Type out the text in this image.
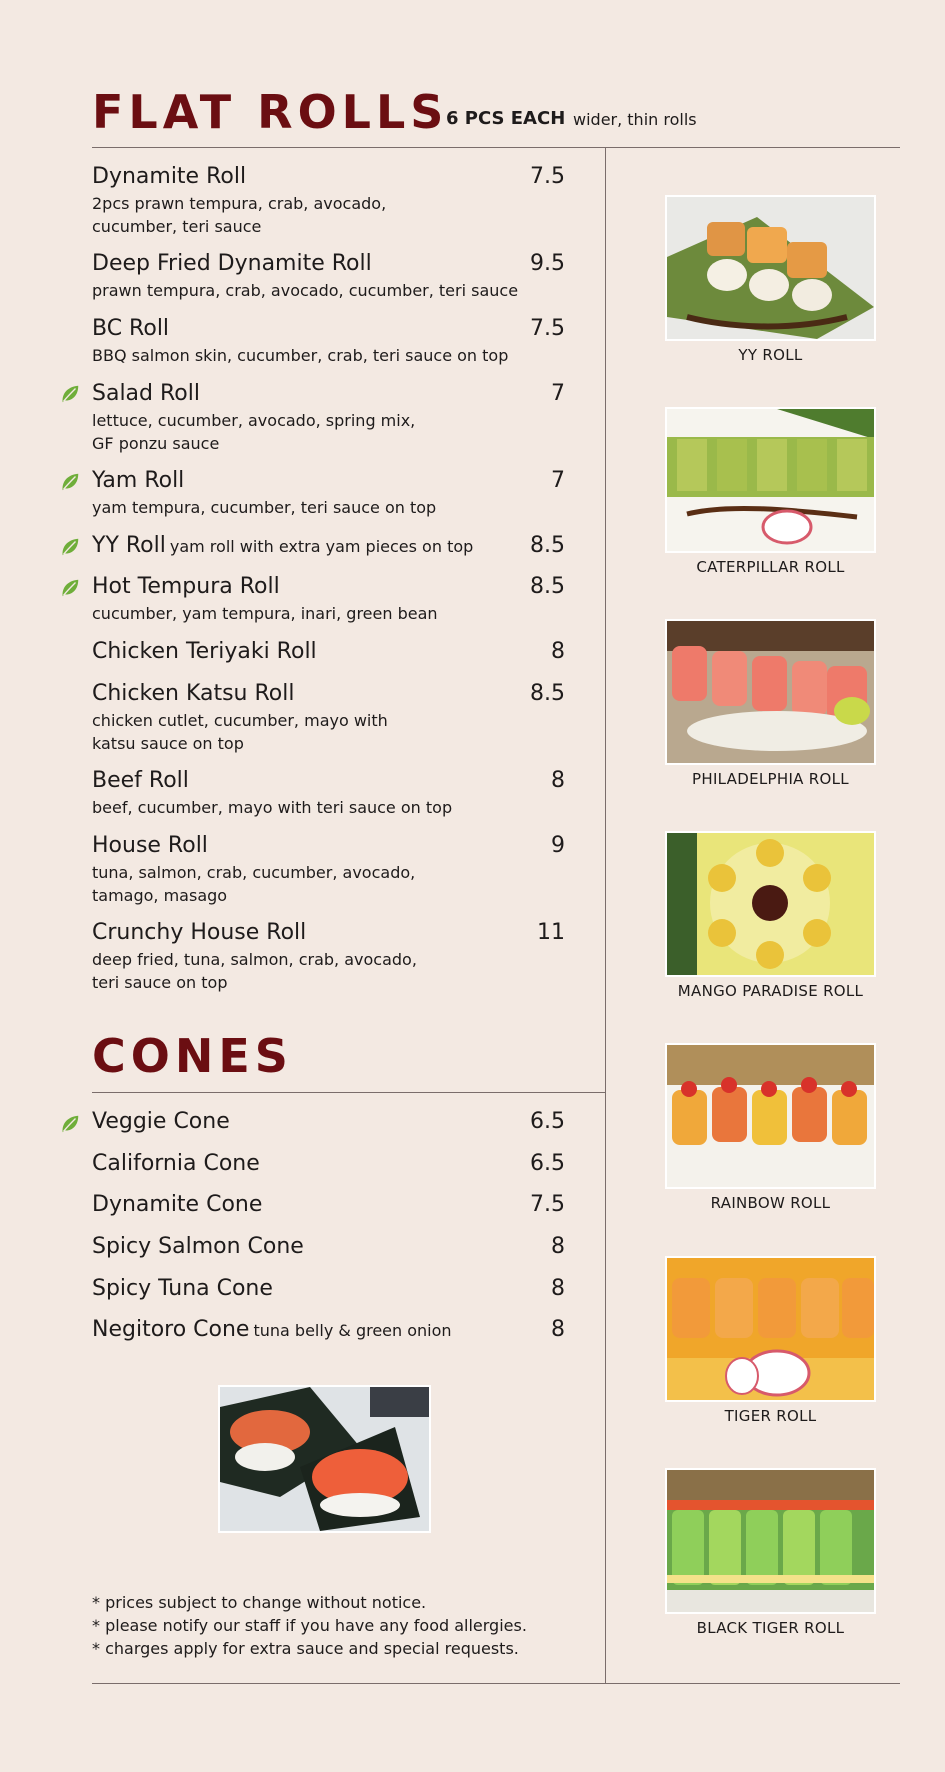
FLAT ROLLS
6 PCS EACH wider, thin rolls
Dynamite Roll	7.5
2pcs prawn tempura, crab, avocado,
cucumber, teri sauce
Deep Fried Dynamite Roll	9.5
prawn tempura, crab, avocado, cucumber, teri sauce
BC Roll	7.5
BBQ salmon skin, cucumber, crab, teri sauce on top
Salad Roll	7
lettuce, cucumber, avocado, spring mix,
GF ponzu sauce
Yam Roll	7
yam tempura, cucumber, teri sauce on top
YY Roll yam roll with extra yam pieces on top	8.5
Hot Tempura Roll	8.5
cucumber, yam tempura, inari, green bean
Chicken Teriyaki Roll	8
Chicken Katsu Roll	8.5
chicken cutlet, cucumber, mayo with
katsu sauce on top
Beef Roll	8
beef, cucumber, mayo with teri sauce on top
House Roll	9
tuna, salmon, crab, cucumber, avocado,
tamago, masago
Crunchy House Roll	11
deep fried, tuna, salmon, crab, avocado,
teri sauce on top
CONES
Veggie Cone	6.5
California Cone	6.5
Dynamite Cone	7.5
Spicy Salmon Cone	8
Spicy Tuna Cone	8
Negitoro Cone tuna belly & green onion	8
* prices subject to change without notice.
* please notify our staff if you have any food allergies.
* charges apply for extra sauce and special requests.
YY ROLL
CATERPILLAR ROLL
PHILADELPHIA ROLL
MANGO PARADISE ROLL
RAINBOW ROLL
TIGER ROLL
BLACK TIGER ROLL
